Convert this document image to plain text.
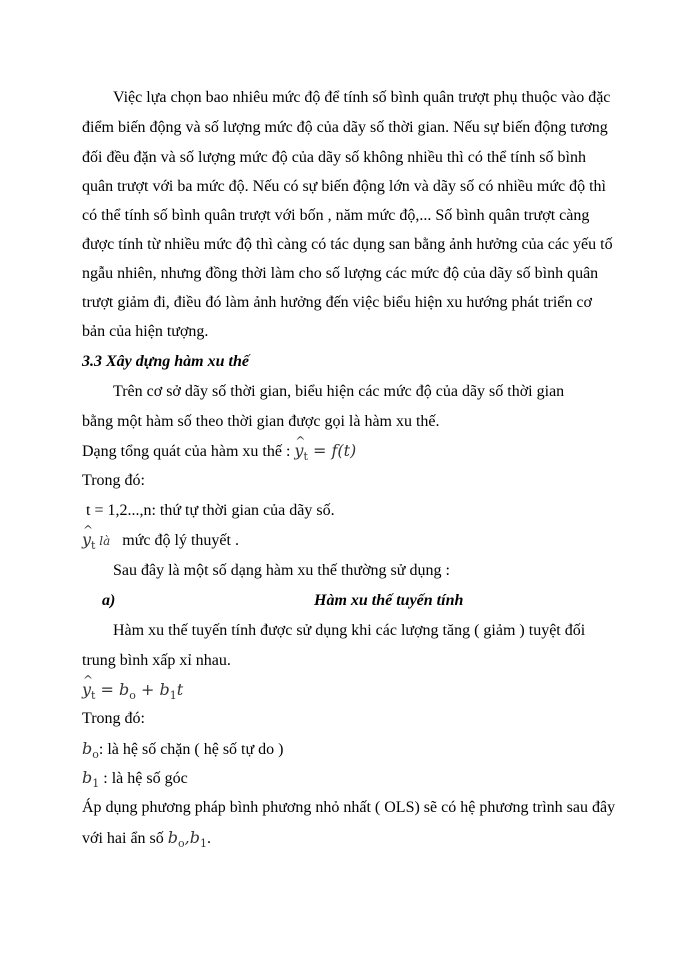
Việc lựa chọn bao nhiêu mức độ để tính số bình quân trượt phụ thuộc vào đặc
điểm biến động và số lượng mức độ của dãy số thời gian. Nếu sự biến động tương
đối đều đặn và số lượng mức độ của dãy số không nhiều thì có thể tính số bình
quân trượt với ba mức độ. Nếu có sự biến động lớn và dãy số có nhiều mức độ thì
có thể tính số bình quân trượt với bốn , năm mức độ,... Số bình quân trượt càng
được tính từ nhiều mức độ thì càng có tác dụng san bằng ảnh hưởng của các yếu tố
ngẫu nhiên, nhưng đồng thời làm cho số lượng các mức độ của dãy số bình quân
trượt giảm đi, điều đó làm ảnh hưởng đến việc biểu hiện xu hướng phát triển cơ
bản của hiện tượng.
3.3 Xây dựng hàm xu thế
Trên cơ sở dãy số thời gian, biểu hiện các mức độ của dãy số thời gian
bằng một hàm số theo thời gian được gọi là hàm xu thế.
Dạng tổng quát của hàm xu thế : ^ $y_t = f(t)$
Trong đó:
t = 1,2...,n: thứ tự thời gian của dãy số.
^ $y_t$ là mức độ lý thuyết .
Sau đây là một số dạng hàm xu thế thường sử dụng :
a)	Hàm xu thế tuyến tính
Hàm xu thế tuyến tính được sử dụng khi các lượng tăng ( giảm ) tuyệt đối
trung bình xấp xỉ nhau.
^ $y_t = b_o + b_1t$
Trong đó:
$b_o$: là hệ số chặn ( hệ số tự do )
$b_1$ : là hệ số góc
Áp dụng phương pháp bình phương nhỏ nhất ( OLS) sẽ có hệ phương trình sau đây
với hai ẩn số $b_o,b_1$.
